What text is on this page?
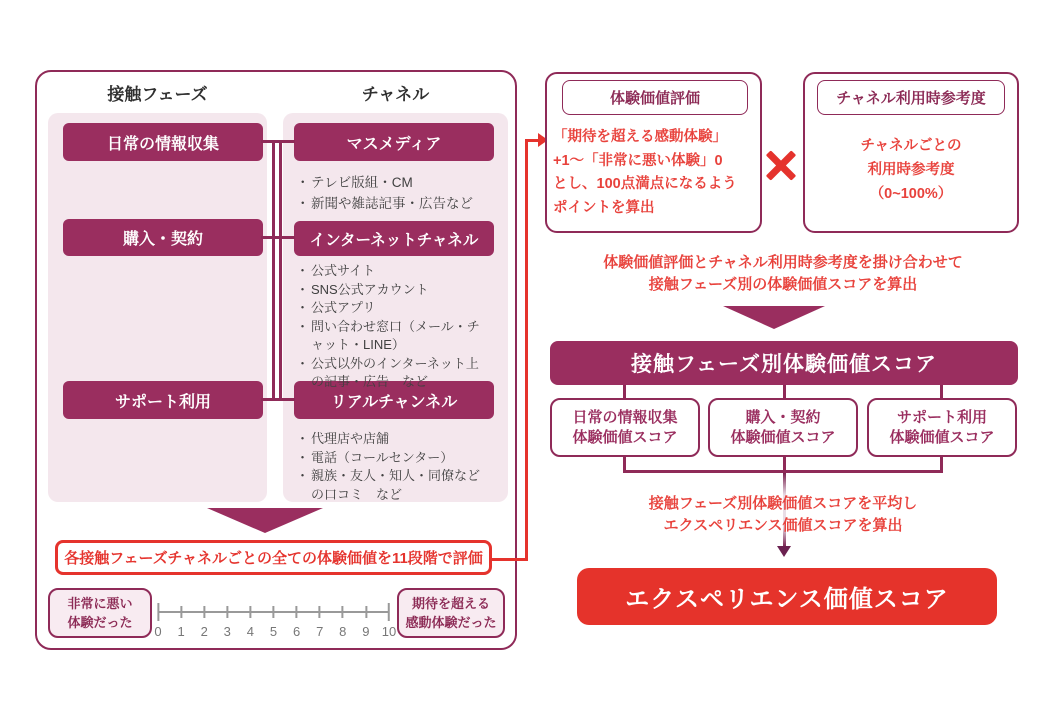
接触フェーズ	チャネル
日常の情報収集
購入・契約
サポート利用
マスメディア
インターネットチャネル
リアルチャンネル
・ テレビ版組・CM
・ 新聞や雑誌記事・広告など
・ 公式サイト
・ SNS公式アカウント
・ 公式アプリ
・ 問い合わせ窓口（メール・チャット・LINE）
・ 公式以外のインターネット上の記事・広告　など
・ 代理店や店舗
・ 電話（コールセンター）
・ 親族・友人・知人・同僚などの口コミ　など
各接触フェーズチャネルごとの全ての体験価値を11段階で評価
非常に悪い
体験だった
0 1 2 3 4 5 6 7 8 9 10
期待を超える
感動体験だった
体験価値評価
「期待を超える感動体験」
+1〜「非常に悪い体験」0
とし、100点満点になるよう
ポイントを算出
チャネル利用時参考度
チャネルごとの
利用時参考度
（0~100%）
体験価値評価とチャネル利用時参考度を掛け合わせて
接触フェーズ別の体験価値スコアを算出
接触フェーズ別体験価値スコア
日常の情報収集
体験価値スコア
購入・契約
体験価値スコア
サポート利用
体験価値スコア
接触フェーズ別体験価値スコアを平均し
エクスペリエンス価値スコアを算出
エクスペリエンス価値スコア
